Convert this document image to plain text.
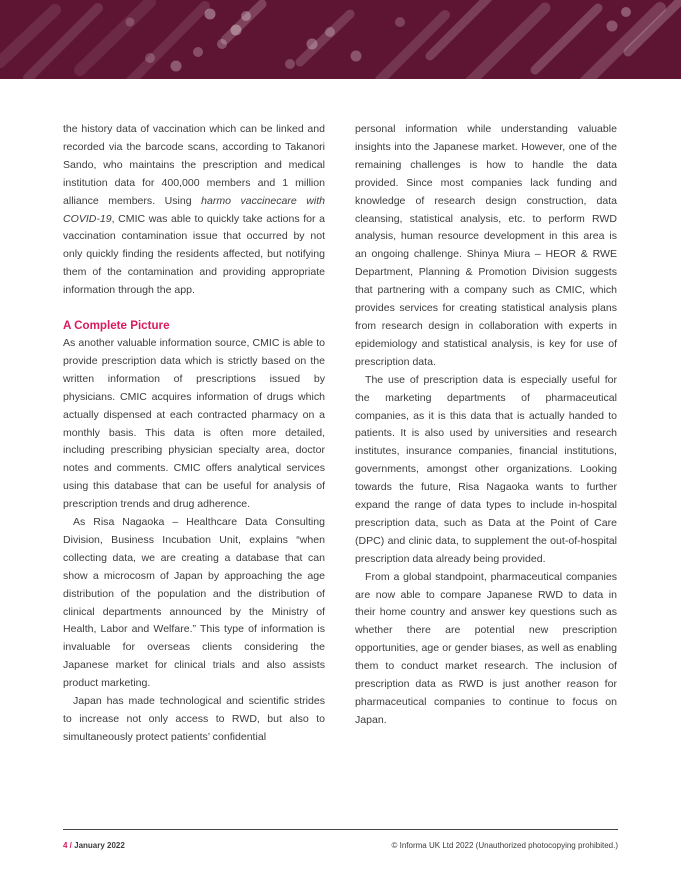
the history data of vaccination which can be linked and recorded via the barcode scans, according to Takanori Sando, who maintains the prescription and medical institution data for 400,000 members and 1 million alliance members. Using harmo vaccinecare with COVID-19, CMIC was able to quickly take actions for a vaccination contamination issue that occurred by not only quickly finding the residents affected, but notifying them of the contamination and providing appropriate information through the app.

A Complete Picture

As another valuable information source, CMIC is able to provide prescription data which is strictly based on the written information of prescriptions issued by physicians. CMIC acquires information of drugs which actually dispensed at each contracted pharmacy on a monthly basis. This data is often more detailed, including prescribing physician specialty area, doctor notes and comments. CMIC offers analytical services using this database that can be useful for analysis of prescription trends and drug adherence.

As Risa Nagaoka – Healthcare Data Consulting Division, Business Incubation Unit, explains “when collecting data, we are creating a database that can show a microcosm of Japan by approaching the age distribution of the population and the distribution of clinical departments announced by the Ministry of Health, Labor and Welfare.” This type of information is invaluable for overseas clients considering the Japanese market for clinical trials and also assists product marketing.

Japan has made technological and scientific strides to increase not only access to RWD, but also to simultaneously protect patients’ confidential

personal information while understanding valuable insights into the Japanese market. However, one of the remaining challenges is how to handle the data provided. Since most companies lack funding and knowledge of research design construction, data cleansing, statistical analysis, etc. to perform RWD analysis, human resource development in this area is an ongoing challenge. Shinya Miura – HEOR & RWE Department, Planning & Promotion Division suggests that partnering with a company such as CMIC, which provides services for creating statistical analysis plans from research design in collaboration with experts in epidemiology and statistical analysis, is key for use of prescription data.

The use of prescription data is especially useful for the marketing departments of pharmaceutical companies, as it is this data that is actually handed to patients. It is also used by universities and research institutes, insurance companies, financial institutions, governments, amongst other organizations. Looking towards the future, Risa Nagaoka wants to further expand the range of data types to include in-hospital prescription data, such as Data at the Point of Care (DPC) and clinic data, to supplement the out-of-hospital prescription data already being provided.

From a global standpoint, pharmaceutical companies are now able to compare Japanese RWD to data in their home country and answer key questions such as whether there are potential new prescription opportunities, age or gender biases, as well as enabling them to conduct market research. The inclusion of prescription data as RWD is just another reason for pharmaceutical companies to continue to focus on Japan.

4 / January 2022	© Informa UK Ltd 2022 (Unauthorized photocopying prohibited.)
